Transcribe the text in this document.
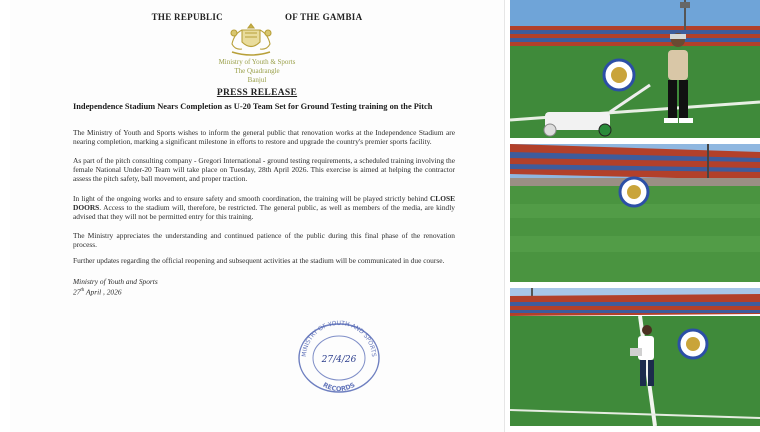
THE REPUBLIC	OF THE GAMBIA
Ministry of Youth & Sports
The Quadrangle
Banjul
PRESS RELEASE
Independence Stadium Nears Completion as U-20 Team Set for Ground Testing training on the Pitch
The Ministry of Youth and Sports wishes to inform the general public that renovation works at the Independence Stadium are nearing completion, marking a significant milestone in efforts to restore and upgrade the country's premier sports facility.
As part of the pitch consulting company - Gregori International - ground testing requirements, a scheduled training involving the female National Under-20 Team will take place on Tuesday, 28th April 2026. This exercise is aimed at helping the contractor assess the pitch safety, ball movement, and proper traction.
In light of the ongoing works and to ensure safety and smooth coordination, the training will be played strictly behind CLOSE DOORS. Access to the stadium will, therefore, be restricted. The general public, as well as members of the media, are kindly advised that they will not be permitted entry for this training.
The Ministry appreciates the understanding and continued patience of the public during this final phase of the renovation process.
Further updates regarding the official reopening and subsequent activities at the stadium will be communicated in due course.
Ministry of Youth and Sports
27th April , 2026
MINISTRY OF YOUTH AND SPORTS
RECORDS
27/4/26
